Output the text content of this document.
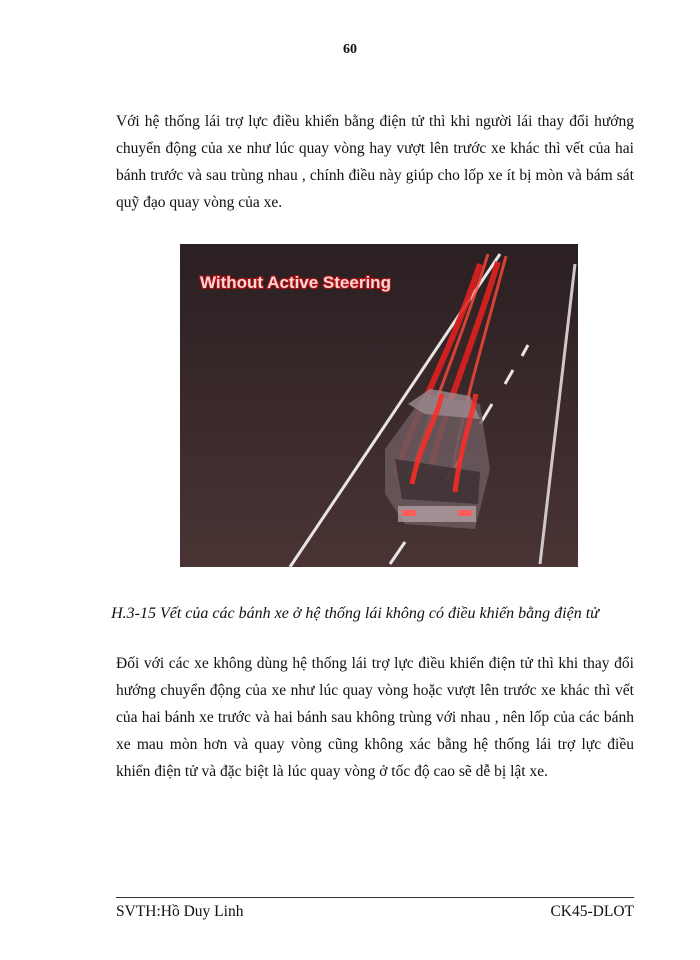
60

Với hệ thống lái trợ lực điều khiển bằng điện tử thì khi người lái thay đổi hướng chuyển động của xe như lúc quay vòng hay vượt lên trước xe khác thì vết của hai bánh trước và sau trùng nhau , chính điều này giúp cho lốp xe ít bị mòn và bám sát quỹ đạo quay vòng của xe.

Without Active Steering
H.3-15 Vết của các bánh xe ở hệ thống lái không có điều khiển bằng điện tử

Đối với các xe không dùng hệ thống lái trợ lực điều khiển điện tử thì khi thay đổi hướng chuyển động của xe như lúc quay vòng hoặc vượt lên trước xe khác thì vết của hai bánh xe trước và hai bánh sau không trùng với nhau , nên lốp của các bánh xe mau mòn hơn và quay vòng cũng không xác bằng hệ thống lái trợ lực điều khiển điện tử và đặc biệt là lúc quay vòng ở tốc độ cao sẽ dễ bị lật xe.

SVTH:Hồ Duy Linh	CK45-DLOT
